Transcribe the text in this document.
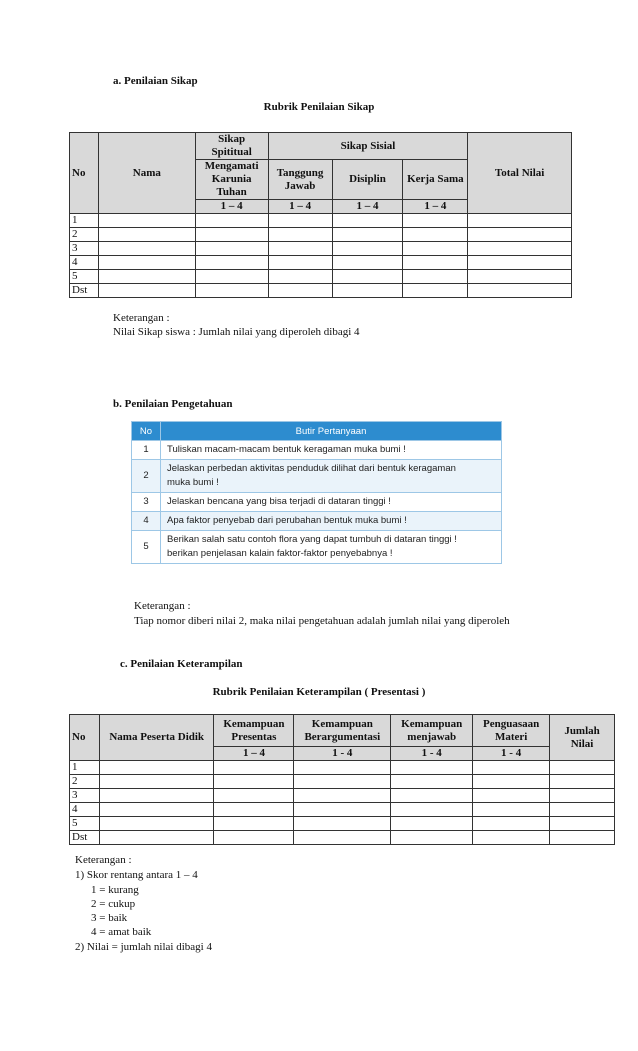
a. Penilaian Sikap
Rubrik Penilaian Sikap
No	Nama	Sikap Spititual	Sikap Sisial			Total Nilai
		Mengamati Karunia Tuhan	Tanggung Jawab	Disiplin	Kerja Sama	
		1 – 4	1 – 4	1 – 4	1 – 4	
1						
2						
3						
4						
5						
Dst						
Keterangan :
Nilai Sikap siswa : Jumlah nilai yang diperoleh dibagi 4
b. Penilaian Pengetahuan
No	Butir Pertanyaan
1	Tuliskan macam-macam bentuk keragaman muka bumi !
2	Jelaskan perbedan aktivitas penduduk dilihat dari bentuk keragaman
muka bumi !

3	Jelaskan bencana yang bisa terjadi di dataran tinggi !
4	Apa faktor penyebab dari perubahan bentuk muka bumi !
5	Berikan salah satu contoh flora yang dapat tumbuh di dataran tinggi !
berikan penjelasan kalain faktor-faktor penyebabnya !
Keterangan :
Tiap nomor diberi nilai 2, maka nilai pengetahuan adalah jumlah nilai yang diperoleh
c. Penilaian Keterampilan
Rubrik Penilaian Keterampilan ( Presentasi )
No	Nama Peserta Didik	Kemampuan Presentas	Kemampuan Berargumentasi	Kemampuan menjawab	Penguasaan Materi	Jumlah Nilai
		1 – 4	1 - 4	1 - 4	1 - 4	
1						
2						
3						
4						
5						
Dst						
Keterangan :
1) Skor rentang antara 1 – 4
1 = kurang
2 = cukup
3 = baik
4 = amat baik
2) Nilai = jumlah nilai dibagi 4
